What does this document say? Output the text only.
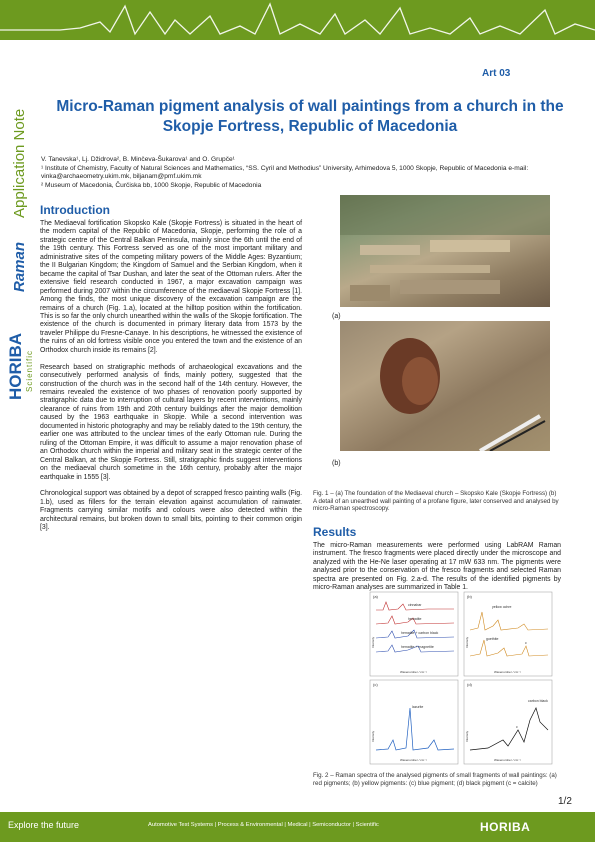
Art 03
Micro-Raman pigment analysis of wall paintings from a church in the Skopje Fortress, Republic of Macedonia
V. Tanevska¹, Lj. Džidrova², B. Minčeva-Šukarova¹ and O. Grupče¹
¹ Institute of Chemistry, Faculty of Natural Sciences and Mathematics, “SS. Cyril and Methodius” University, Arhimedova 5, 1000 Skopje, Republic of Macedonia e-mail: vinka@archaeometry.ukim.mk, biljanam@pmf.ukim.mk
² Museum of Macedonia, Čurčiska bb, 1000 Skopje, Republic of Macedonia
Application Note
Raman
HORIBA Scientific
Introduction

The Mediaeval fortification Skopsko Kale (Skopje Fortress) is situated in the heart of the modern capital of the Republic of Macedonia, Skopje, performing the role of a strategic centre of the Central Balkan Peninsula, mainly since the 6th until the end of the 19th century. This Fortress served as one of the most important military and administrative sites of the competing military powers of the Middle Ages: Byzantium; the II Bulgarian Kingdom; the Kingdom of Samuel and the Serbian Kingdom, when it became the capital of Tsar Dushan, and later the seat of the Ottoman rulers. After the extensive field research conducted in 1967, a major excavation campaign was performed during 2007 within the circumference of the mediaeval Skopje Fortress [1]. Among the finds, the most unique discovery of the excavation campaign are the remains of a church (Fig. 1.a), located at the hilltop position within the fortification. This is so far the only church unearthed within the walls of the Skopje fortification. The existence of the church is documented in primary literary data from 1573 by the traveler Philippe du Fresne-Canaye. In his descriptions, he witnessed the existence of the ruins of an old fortress visible once you entered the town and the existence of an Orthodox church inside its remains [2].

Research based on stratigraphic methods of archaeological excavations and the consecutively performed analysis of finds, mainly pottery, suggested that the construction of the church was in the second half of the 14th century. However, the remains revealed the existence of two phases of renovation poorly supported by stratigraphic data due to interruption of cultural layers by recent interventions, mainly clearance of ruins from 19th and 20th century buildings after the major demolition caused by the 1963 earthquake in Skopje. While a second intervention was documented in historic photography and may be reliably dated to the 19th century, the earlier one was attributed to the unclear times of the early Ottoman rule. During the ruling of the Ottoman Empire, it was difficult to assume a major renovation phase of an Orthodox church within the imperial and military seat in the strategic center of the Central Balkan, at the Skopje Fortress. Still, stratigraphic finds suggest interventions on the mediaeval church sometime in the 16th century, probably after the major earthquake in 1555 [3].

Chronological support was obtained by a depot of scrapped fresco painting walls (Fig. 1.b), used as fillers for the terrain elevation against accumulation of rainwater. Fragments carrying similar motifs and colours were also detected within the architectural remains, but broken down to small bits, pointing to their common origin [3].

(a)
(b)
Fig. 1 – (a) The foundation of the Mediaeval church – Skopsko Kale (Skopje Fortress) (b) A detail of an unearthed wall painting of a profane figure, later conserved and analysed by micro-Raman spectroscopy.
Results

The micro-Raman measurements were performed using LabRAM Raman instrument. The fresco fragments were placed directly under the microscope and analyzed with the He-Ne laser operating at 17 mW 633 nm. The pigments were analysed prior to the conservation of the fresco fragments and selected Raman spectra are presented on Fig. 2.a-d. The results of the identified pigments by micro-Raman analyses are summarized in Table 1.

(a)
cinnabar
hematite
hematite + carbon black
hematite + magnetite
Intensity
Wavenumber / cm⁻¹
(b)
yellow ochre
goethite
c
Intensity
Wavenumber / cm⁻¹
(c)
lazurite
Intensity
Wavenumber / cm⁻¹
(d)
carbon black
c
Intensity
Wavenumber / cm⁻¹
Fig. 2 – Raman spectra of the analysed pigments of small fragments of wall paintings: (a) red pigments; (b) yellow pigments: (c) blue pigment; (d) black pigment (c = calcite)
1/2
Explore the future	Automotive Test Systems | Process & Environmental | Medical | Semiconductor | Scientific	HORIBA
